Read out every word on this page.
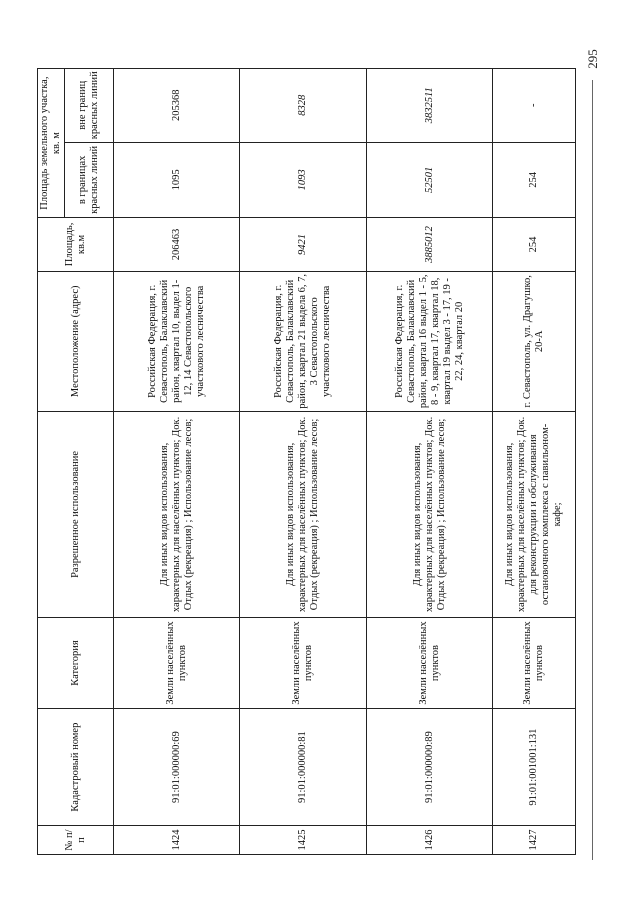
295
№ п/п	Кадастровый номер	Категория	Разрешенное использование	Местоположение (адрес)	Площадь, кв.м	Площадь земельного участка, кв. м	
						в границах красных линий	вне границ красных линий
1424	91:01:000000:69	Земли населённых пунктов	Для иных видов использования, характерных для населённых пунктов; Док. Отдых (рекреация) ; Использование лесов;	Российская Федерация, г. Севастополь, Балаклавский район, квартал 10, выдел 1-12, 14 Севастопольского участкового лесничества	206463	1095	205368
1425	91:01:000000:81	Земли населённых пунктов	Для иных видов использования, характерных для населённых пунктов; Док. Отдых (рекреация) ; Использование лесов;	Российская Федерация, г. Севастополь, Балаклавский район, квартал 21 выдела 6, 7, 3 Севастопольского участкового лесничества	9421	1093	8328
1426	91:01:000000:89	Земли населённых пунктов	Для иных видов использования, характерных для населённых пунктов; Док. Отдых (рекреация) ; Использование лесов;	Российская Федерация, г. Севастополь, Балаклавский район, квартал 16 выдел 1 - 5, 8 - 9, квартал 17, квартал 18, квартал 19 выдел 3 - 17, 19 - 22, 24, квартал 20	3885012	52501	3832511
1427	91:01:001001:131	Земли населённых пунктов	Для иных видов использования, характерных для населённых пунктов; Док. для реконструкции и обслуживания остановочного комплекса с павильоном-кафе;	г. Севастополь, ул. Драгушко, 20-А	254	254	-
